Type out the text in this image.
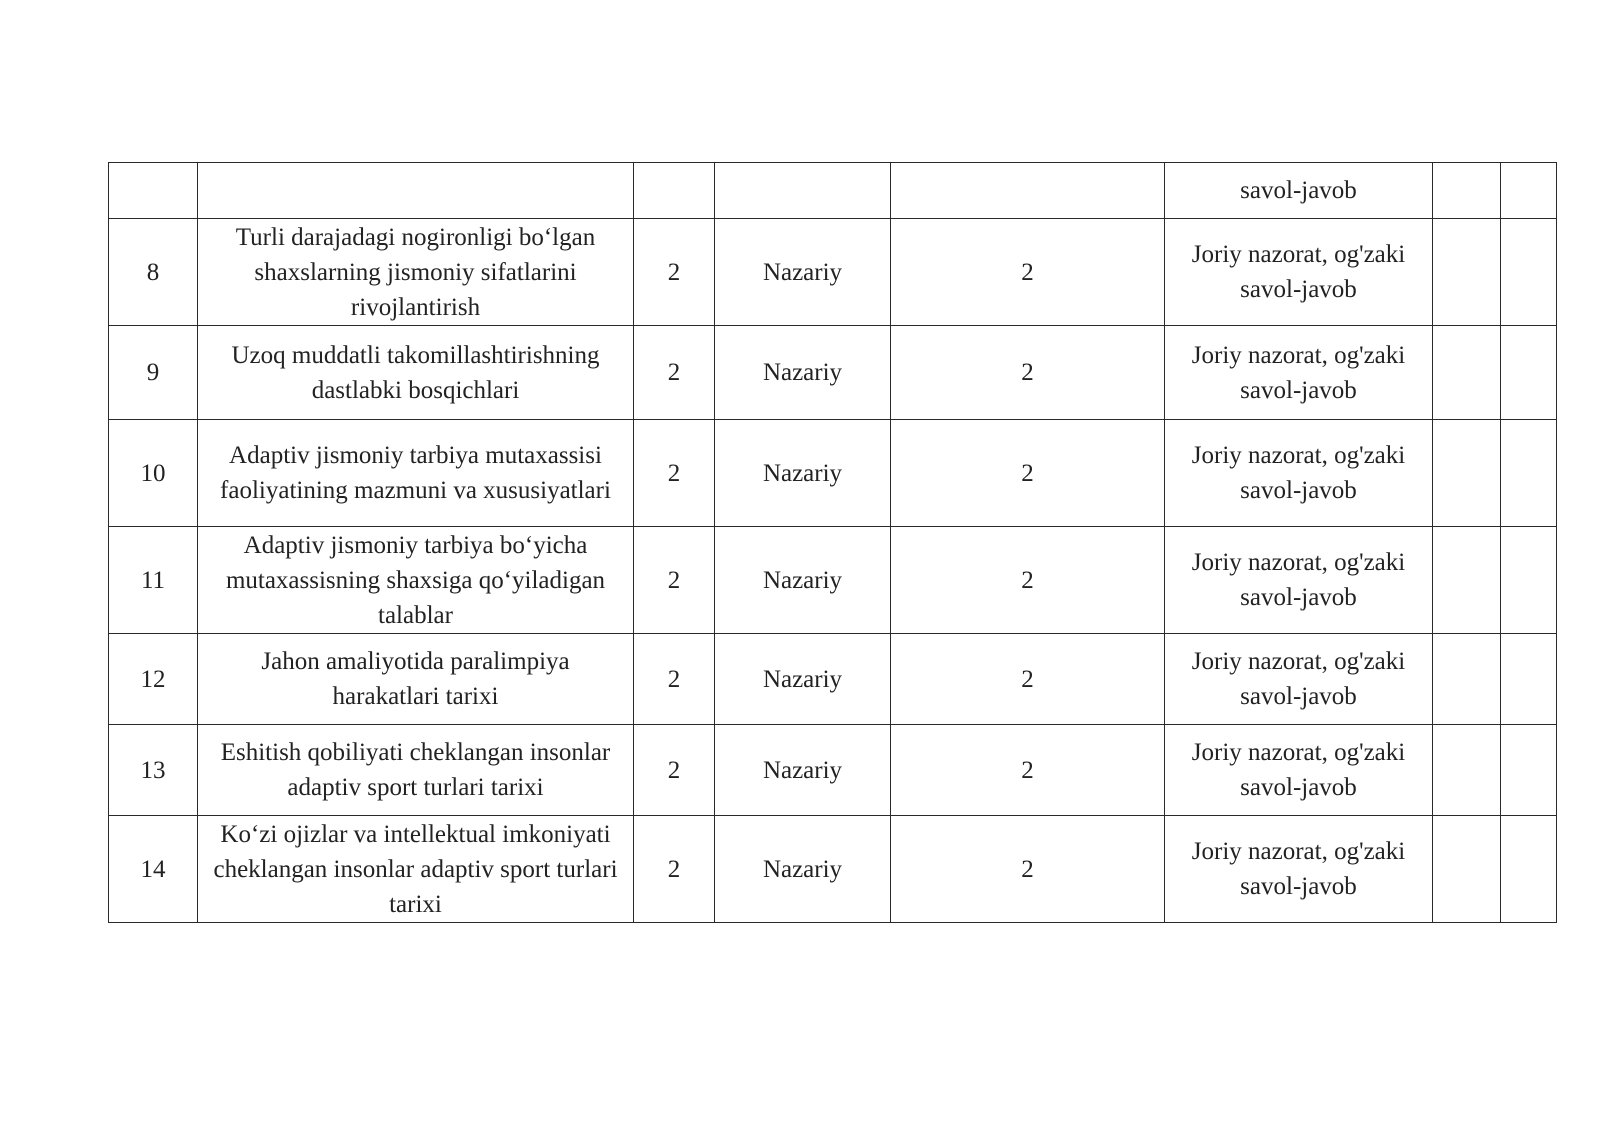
					savol-javob		
8	Turli darajadagi nogironligi bo‘lgan shaxslarning jismoniy sifatlarini rivojlantirish	2	Nazariy	2	Joriy nazorat, og'zaki savol-javob		
9	Uzoq muddatli takomillashtirishning dastlabki bosqichlari	2	Nazariy	2	Joriy nazorat, og'zaki savol-javob		
10	Adaptiv jismoniy tarbiya mutaxassisi faoliyatining mazmuni va xususiyatlari	2	Nazariy	2	Joriy nazorat, og'zaki savol-javob		
11	Adaptiv jismoniy tarbiya bo‘yicha mutaxassisning shaxsiga qo‘yiladigan talablar	2	Nazariy	2	Joriy nazorat, og'zaki savol-javob		
12	Jahon amaliyotida paralimpiya harakatlari tarixi	2	Nazariy	2	Joriy nazorat, og'zaki savol-javob		
13	Eshitish qobiliyati cheklangan insonlar adaptiv sport turlari tarixi	2	Nazariy	2	Joriy nazorat, og'zaki savol-javob		
14	Ko‘zi ojizlar va intellektual imkoniyati cheklangan insonlar adaptiv sport turlari tarixi	2	Nazariy	2	Joriy nazorat, og'zaki savol-javob		
